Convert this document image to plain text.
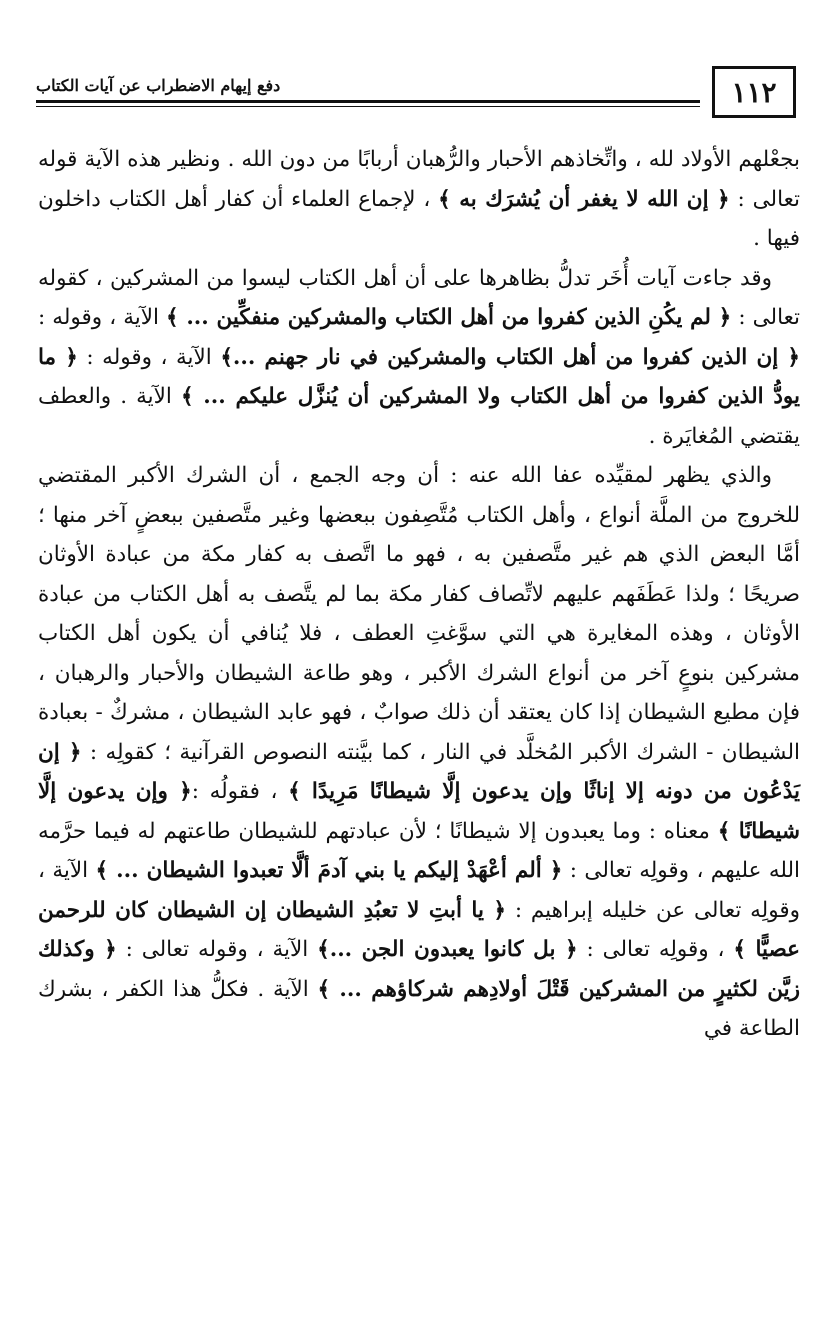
١١٢
دفع إيهام الاضطراب عن آيات الكتاب

بجعْلهم الأولاد لله ، واتِّخاذهم الأحبار والرُّهبان أربابًا من دون الله . ونظير هذه الآية قوله تعالى : ﴿ إن الله لا يغفر أن يُشرَك به ﴾ ، لإجماع العلماء أن كفار أهل الكتاب داخلون فيها .

وقد جاءت آيات أُخَر تدلُّ بظاهرها على أن أهل الكتاب ليسوا من المشركين ، كقوله تعالى : ﴿ لم يكُنِ الذين كفروا من أهل الكتاب والمشركين منفكِّين ... ﴾ الآية ، وقوله : ﴿ إن الذين كفروا من أهل الكتاب والمشركين في نار جهنم ...﴾ الآية ، وقوله : ﴿ ما يودُّ الذين كفروا من أهل الكتاب ولا المشركين أن يُنزَّل عليكم ... ﴾ الآية . والعطف يقتضي المُغايَرة .

والذي يظهر لمقيِّده عفا الله عنه : أن وجه الجمع ، أن الشرك الأكبر المقتضي للخروج من الملَّة أنواع ، وأهل الكتاب مُتَّصِفون ببعضها وغير متَّصفين ببعضٍ آخر منها ؛ أمَّا البعض الذي هم غير متَّصفين به ، فهو ما اتَّصف به كفار مكة من عبادة الأوثان صريحًا ؛ ولذا عَطَفَهم عليهم لاتِّصاف كفار مكة بما لم يتَّصف به أهل الكتاب من عبادة الأوثان ، وهذه المغايرة هي التي سوَّغتِ العطف ، فلا يُنافي أن يكون أهل الكتاب مشركين بنوعٍ آخر من أنواع الشرك الأكبر ، وهو طاعة الشيطان والأحبار والرهبان ، فإن مطيع الشيطان إذا كان يعتقد أن ذلك صوابٌ ، فهو عابد الشيطان ، مشركٌ - بعبادة الشيطان - الشرك الأكبر المُخلَّد في النار ، كما بيَّنته النصوص القرآنية ؛ كقولِه : ﴿ إن يَدْعُون من دونه إلا إناثًا وإن يدعون إلَّا شيطانًا مَرِيدًا ﴾ ، فقولُه :﴿ وإن يدعون إلَّا شيطانًا ﴾ معناه : وما يعبدون إلا شيطانًا ؛ لأن عبادتهم للشيطان طاعتهم له فيما حرَّمه الله عليهم ، وقولِه تعالى : ﴿ ألم أعْهَدْ إليكم يا بني آدمَ ألَّا تعبدوا الشيطان ... ﴾ الآية ، وقولِه تعالى عن خليله إبراهيم : ﴿ يا أبتِ لا تعبُدِ الشيطان إن الشيطان كان للرحمن عصيًّا ﴾ ، وقولِه تعالى : ﴿ بل كانوا يعبدون الجن ...﴾ الآية ، وقوله تعالى : ﴿ وكذلك زيَّن لكثيرٍ من المشركين قَتْلَ أولادِهم شركاؤهم ... ﴾ الآية . فكلُّ هذا الكفر ، بشرك الطاعة في
